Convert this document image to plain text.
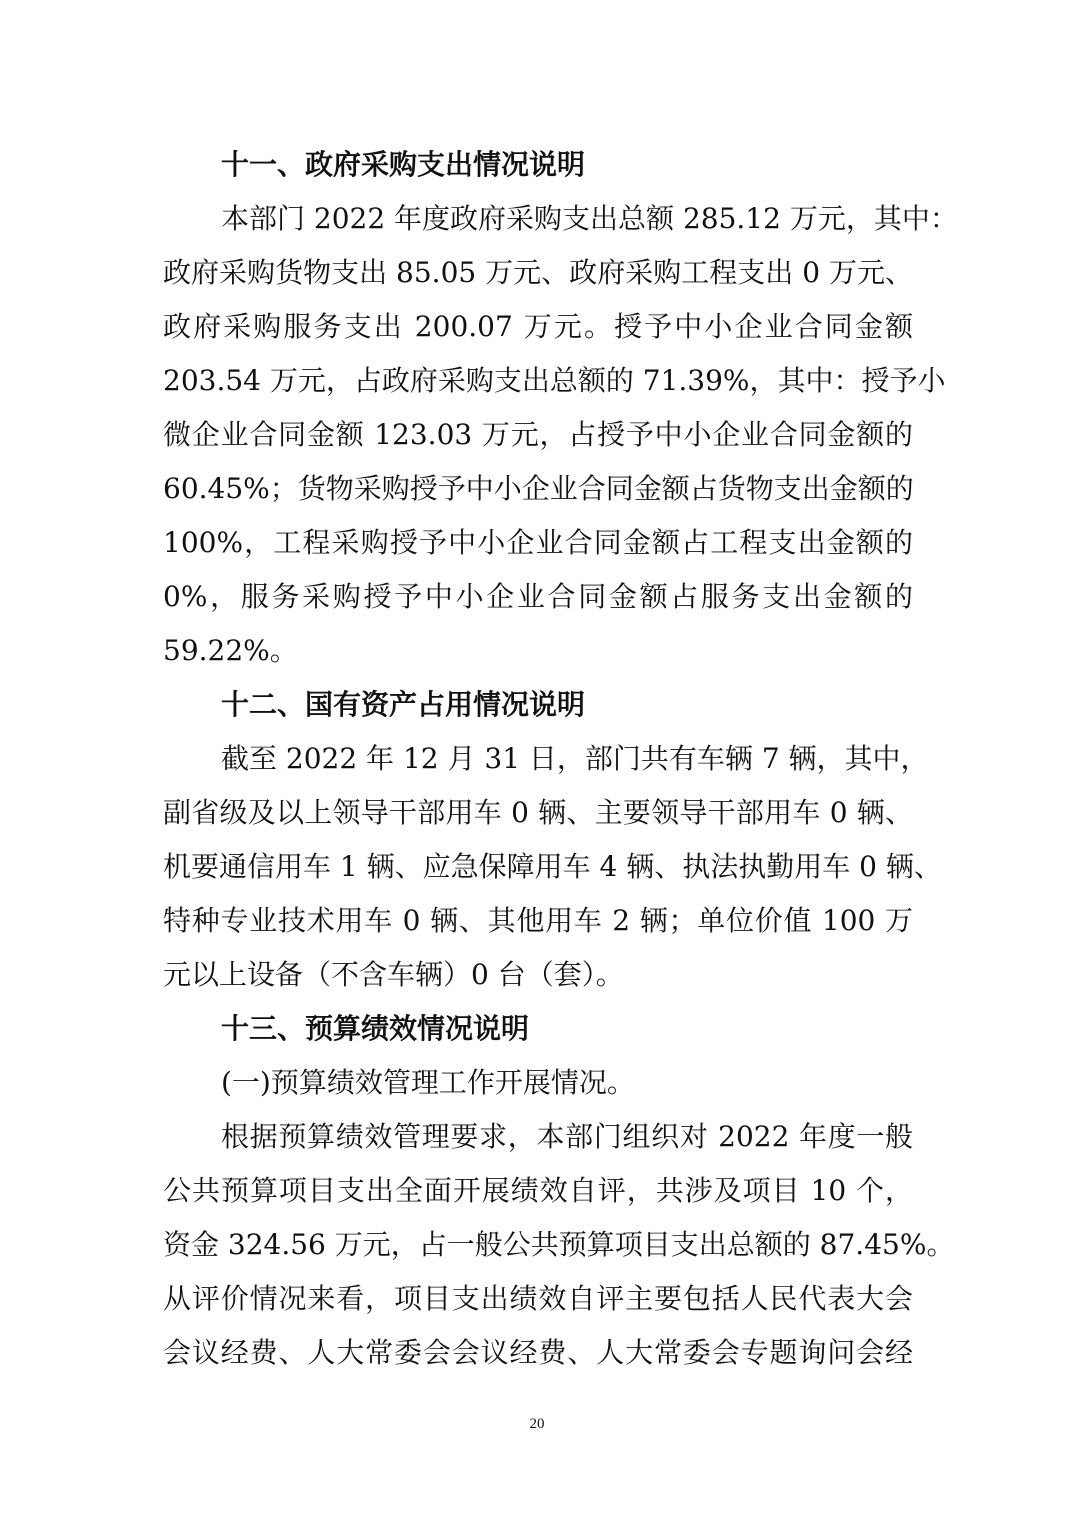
十一、政府采购支出情况说明

本部门 2022 年度政府采购支出总额 285.12 万元，其中：
政府采购货物支出 85.05 万元、政府采购工程支出 0 万元、
政府采购服务支出 200.07 万元。授予中小企业合同金额
203.54 万元，占政府采购支出总额的 71.39%，其中：授予小
微企业合同金额 123.03 万元，占授予中小企业合同金额的
60.45%；货物采购授予中小企业合同金额占货物支出金额的
100%，工程采购授予中小企业合同金额占工程支出金额的
0%，服务采购授予中小企业合同金额占服务支出金额的
59.22%。

十二、国有资产占用情况说明

截至 2022 年 12 月 31 日，部门共有车辆 7 辆，其中，
副省级及以上领导干部用车 0 辆、主要领导干部用车 0 辆、
机要通信用车 1 辆、应急保障用车 4 辆、执法执勤用车 0 辆、
特种专业技术用车 0 辆、其他用车 2 辆；单位价值 100 万
元以上设备（不含车辆）0 台（套）。

十三、预算绩效情况说明

(一)预算绩效管理工作开展情况。

根据预算绩效管理要求，本部门组织对 2022 年度一般
公共预算项目支出全面开展绩效自评，共涉及项目 10 个，
资金 324.56 万元，占一般公共预算项目支出总额的 87.45%。
从评价情况来看，项目支出绩效自评主要包括人民代表大会
会议经费、人大常委会会议经费、人大常委会专题询问会经

20
